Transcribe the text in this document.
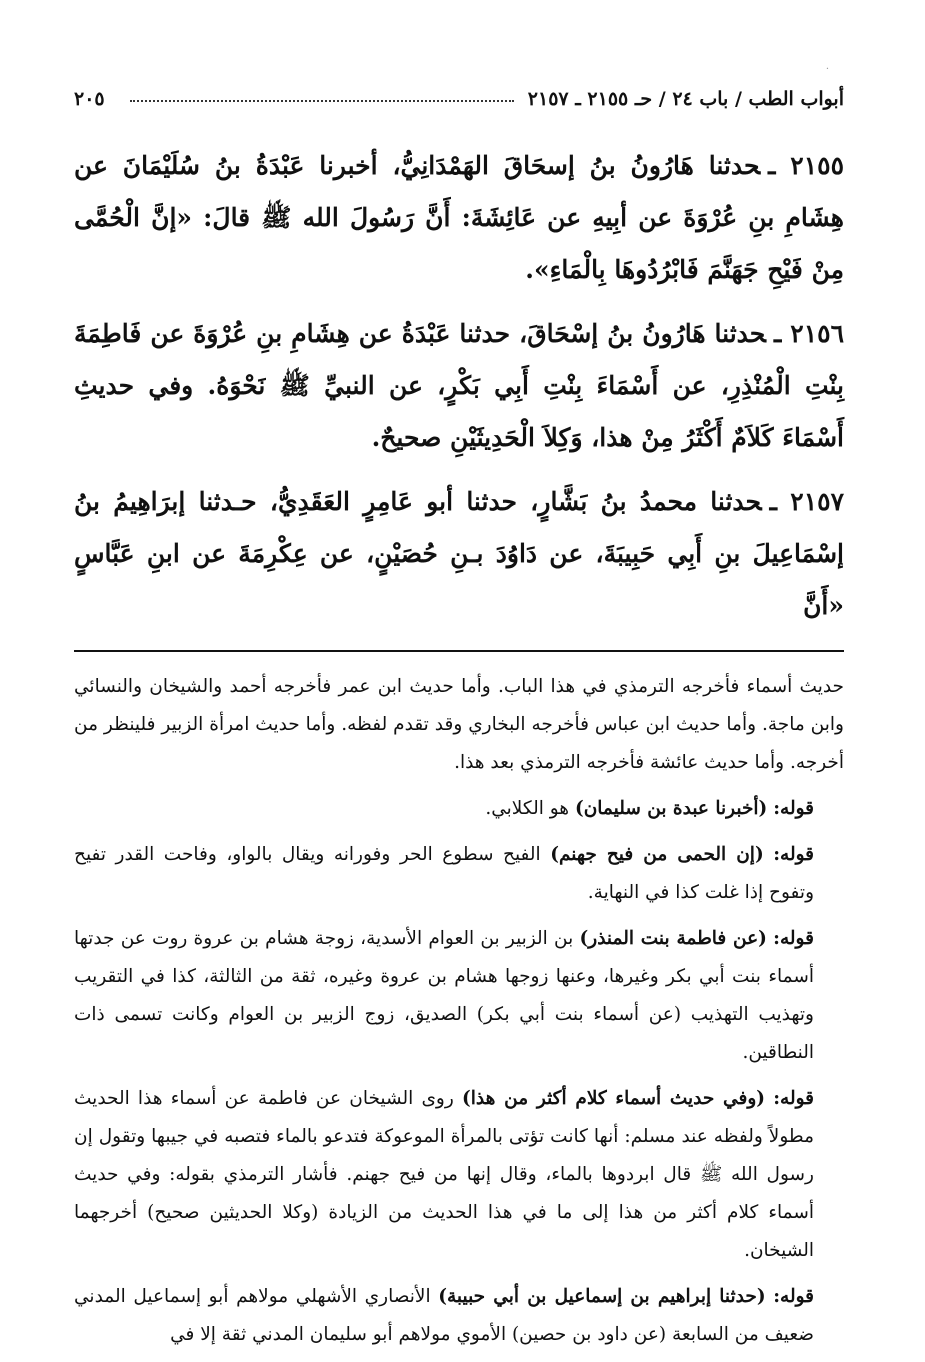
·
أبواب الطب / باب ٢٤ / حـ ٢١٥٥ ـ ٢١٥٧
٢٠٥

٢١٥٥ ـحدثنا هَارُونُ بنُ إسحَاقَ الهَمْدَانِيُّ، أخبرنا عَبْدَةُ بنُ سُلَيْمَانَ عن هِشَامِ بنِ عُرْوَةَ عن أبِيهِ عن عَائِشَةَ: أَنَّ رَسُولَ الله ﷺ قالَ: «إنَّ الْحُمَّى مِنْ فَيْحِ جَهَنَّمَ فَابْرُدُوهَا بِالْمَاءِ».

٢١٥٦ ـحدثنا هَارُونُ بنُ إسْحَاقَ، حدثنا عَبْدَةُ عن هِشَامِ بنِ عُرْوَةَ عن فَاطِمَةَ بِنْتِ الْمُنْذِرِ، عن أَسْمَاءَ بِنْتِ أَبِي بَكْرٍ، عن النبيِّ ﷺ نَحْوَهُ. وفي حديثِ أَسْمَاءَ كَلاَمٌ أَكْثَرُ مِنْ هذا، وَكِلاَ الْحَدِيثَيْنِ صحيحٌ.

٢١٥٧ ـحدثنا محمدُ بنُ بَشَّارٍ، حدثنا أبو عَامِرٍ العَقَدِيُّ، حـدثنا إبرَاهِيمُ بنُ إسْمَاعِيلَ بنِ أَبِي حَبِيبَةَ، عن دَاوُدَ بـنِ حُصَيْنٍ، عن عِكْرِمَةَ عن ابنِ عَبَّاسٍ «أَنَّ

حديث أسماء فأخرجه الترمذي في هذا الباب. وأما حديث ابن عمر فأخرجه أحمد والشيخان والنسائي وابن ماجة. وأما حديث ابن عباس فأخرجه البخاري وقد تقدم لفظه. وأما حديث امرأة الزبير فلينظر من أخرجه. وأما حديث عائشة فأخرجه الترمذي بعد هذا.

قوله: (أخبرنا عبدة بن سليمان) هو الكلابي.

قوله: (إن الحمى من فيح جهنم) الفيح سطوع الحر وفورانه ويقال بالواو، وفاحت القدر تفيح وتفوح إذا غلت كذا في النهاية.

قوله: (عن فاطمة بنت المنذر) بن الزبير بن العوام الأسدية، زوجة هشام بن عروة روت عن جدتها أسماء بنت أبي بكر وغيرها، وعنها زوجها هشام بن عروة وغيره، ثقة من الثالثة، كذا في التقريب وتهذيب التهذيب (عن أسماء بنت أبي بكر) الصديق، زوج الزبير بن العوام وكانت تسمى ذات النطاقين.

قوله: (وفي حديث أسماء كلام أكثر من هذا) روى الشيخان عن فاطمة عن أسماء هذا الحديث مطولاً ولفظه عند مسلم: أنها كانت تؤتى بالمرأة الموعوكة فتدعو بالماء فتصبه في جيبها وتقول إن رسول الله ﷺ قال ابردوها بالماء، وقال إنها من فيح جهنم. فأشار الترمذي بقوله: وفي حديث أسماء كلام أكثر من هذا إلى ما في هذا الحديث من الزيادة (وكلا الحديثين صحيح) أخرجهما الشيخان.

قوله: (حدثنا إبراهيم بن إسماعيل بن أبي حبيبة) الأنصاري الأشهلي مولاهم أبو إسماعيل المدني ضعيف من السابعة (عن داود بن حصين) الأموي مولاهم أبو سليمان المدني ثقة إلا في
